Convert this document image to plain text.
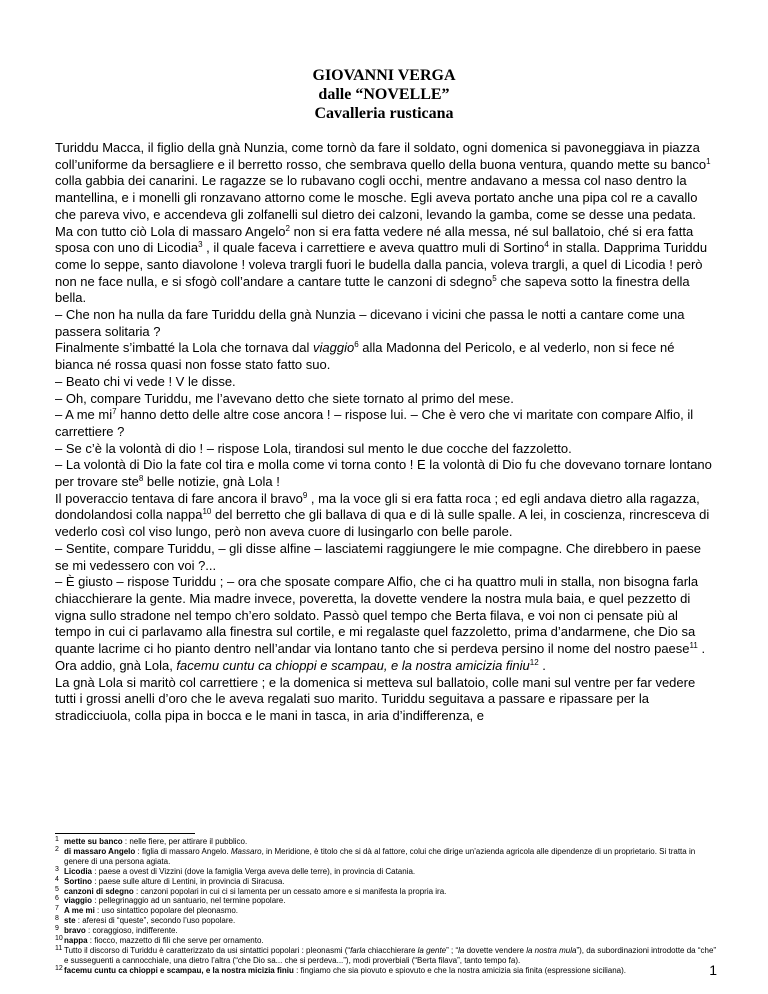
GIOVANNI VERGA
dalle “NOVELLE”
Cavalleria rusticana

Turiddu Macca, il figlio della gnà Nunzia, come tornò da fare il soldato, ogni domenica si pavoneggiava in piazza coll’uniforme da bersagliere e il berretto rosso, che sembrava quello della buona ventura, quando mette su banco$^1$ colla gabbia dei canarini. Le ragazze se lo rubavano cogli occhi, mentre andavano a messa col naso dentro la mantellina, e i monelli gli ronzavano attorno come le mosche. Egli aveva portato anche una pipa col re a cavallo che pareva vivo, e accendeva gli zolfanelli sul dietro dei calzoni, levando la gamba, come se desse una pedata. Ma con tutto ciò Lola di massaro Angelo$^2$ non si era fatta vedere né alla messa, né sul ballatoio, ché si era fatta sposa con uno di Licodia$^3$ , il quale faceva i carrettiere e aveva quattro muli di Sortino$^4$ in stalla. Dapprima Turiddu come lo seppe, santo diavolone ! voleva trargli fuori le budella dalla pancia, voleva trargli, a quel di Licodia ! però non ne face nulla, e si sfogò coll’andare a cantare tutte le canzoni di sdegno$^5$ che sapeva sotto la finestra della bella.

– Che non ha nulla da fare Turiddu della gnà Nunzia – dicevano i vicini che passa le notti a cantare come una passera solitaria ?

Finalmente s’imbatté la Lola che tornava dal viaggio$^6$ alla Madonna del Pericolo, e al vederlo, non si fece né bianca né rossa quasi non fosse stato fatto suo.

– Beato chi vi vede ! V le disse.

– Oh, compare Turiddu, me l’avevano detto che siete tornato al primo del mese.

– A me $mi^7$ hanno detto delle altre cose ancora ! – rispose lui. – Che è vero che vi maritate con compare Alfio, il carrettiere ?

– Se c’è la volontà di dio ! – rispose Lola, tirandosi sul mento le due cocche del fazzoletto.

– La volontà di Dio la fate col tira e molla come vi torna conto ! E la volontà di Dio fu che dovevano tornare lontano per trovare ste$^8$ belle notizie, gnà Lola !

Il poveraccio tentava di fare ancora il bravo$^9$ , ma la voce gli si era fatta roca ; ed egli andava dietro alla ragazza, dondolandosi colla nappa$^{10}$ del berretto che gli ballava di qua e di là sulle spalle. A lei, in coscienza, rincresceva di vederlo così col viso lungo, però non aveva cuore di lusingarlo con belle parole.

– Sentite, compare Turiddu, – gli disse alfine – lasciatemi raggiungere le mie compagne. Che direbbero in paese se mi vedessero con voi ?...

– È giusto – rispose Turiddu ; – ora che sposate compare Alfio, che ci ha quattro muli in stalla, non bisogna farla chiacchierare la gente. Mia madre invece, poveretta, la dovette vendere la nostra mula baia, e quel pezzetto di vigna sullo stradone nel tempo ch’ero soldato. Passò quel tempo che Berta filava, e voi non ci pensate più al tempo in cui ci parlavamo alla finestra sul cortile, e mi regalaste quel fazzoletto, prima d’andarmene, che Dio sa quante lacrime ci ho pianto dentro nell’andar via lontano tanto che si perdeva persino il nome del nostro paese$^{11}$ . Ora addio, gnà Lola, facemu cuntu ca chioppi e scampau, e la nostra amicizia finiu$^{12}$ .

La gnà Lola si maritò col carrettiere ; e la domenica si metteva sul ballatoio, colle mani sul ventre per far vedere tutti i grossi anelli d’oro che le aveva regalati suo marito. Turiddu seguitava a passare e ripassare per la stradicciuola, colla pipa in bocca e le mani in tasca, in aria d’indifferenza, e

1 mette su banco : nelle fiere, per attirare il pubblico.
2 di massaro Angelo : figlia di massaro Angelo. Massaro, in Meridione, è titolo che si dà al fattore, colui che dirige un’azienda agricola alle dipendenze di un proprietario. Si tratta in genere di una persona agiata.
3 Licodia : paese a ovest di Vizzini (dove la famiglia Verga aveva delle terre), in provincia di Catania.
4 Sortino : paese sulle alture di Lentini, in provincia di Siracusa.
5 canzoni di sdegno : canzoni popolari in cui ci si lamenta per un cessato amore e si manifesta la propria ira.
6 viaggio : pellegrinaggio ad un santuario, nel termine popolare.
7 A me mi : uso sintattico popolare del pleonasmo.
8 ste : aferesi di “queste”, secondo l’uso popolare.
9 bravo : coraggioso, indifferente.
10 nappa : fiocco, mazzetto di fili che serve per ornamento.
11 Tutto il discorso di Turiddu è caratterizzato da usi sintattici popolari : pleonasmi (“farla chiacchierare la gente” ; “la dovette vendere la nostra mula”), da subordinazioni introdotte da “che” e susseguenti a cannocchiale, una dietro l’altra (“che Dio sa... che si perdeva...”), modi proverbiali (“Berta filava”, tanto tempo fa).
12 facemu cuntu ca chioppi e scampau, e la nostra micizia finiu : fingiamo che sia piovuto e spiovuto e che la nostra amicizia sia finita (espressione siciliana).	1
